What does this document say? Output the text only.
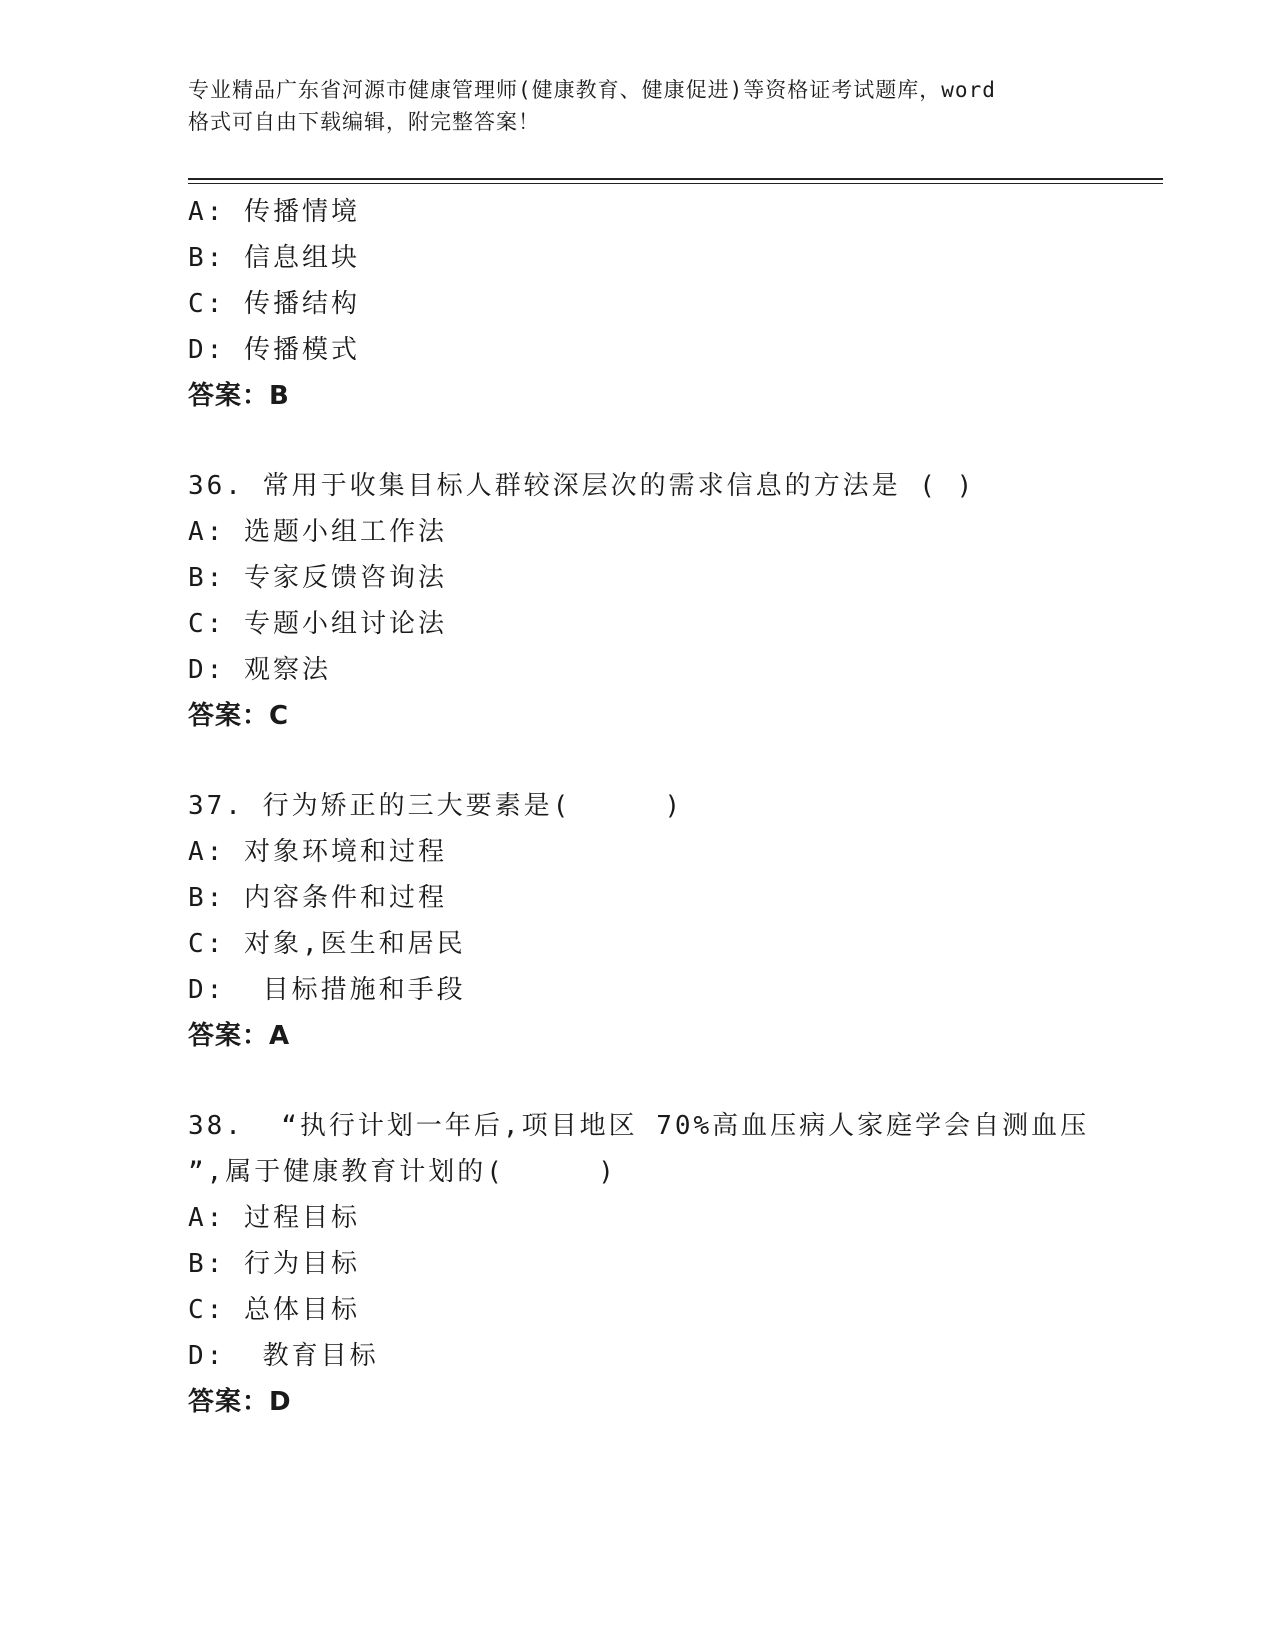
专业精品广东省河源市健康管理师(健康教育、健康促进)等资格证考试题库，word
格式可自由下载编辑，附完整答案！
A: 传播情境
B: 信息组块
C: 传播结构
D: 传播模式
答案：B
36. 常用于收集目标人群较深层次的需求信息的方法是 ( )
A: 选题小组工作法
B: 专家反馈咨询法
C: 专题小组讨论法
D: 观察法
答案：C
37. 行为矫正的三大要素是(     )
A: 对象环境和过程
B: 内容条件和过程
C: 对象,医生和居民
D:  目标措施和手段
答案：A
38.  “执行计划一年后,项目地区 70%高血压病人家庭学会自测血压
”,属于健康教育计划的(     )
A: 过程目标
B: 行为目标
C: 总体目标
D:  教育目标
答案：D
